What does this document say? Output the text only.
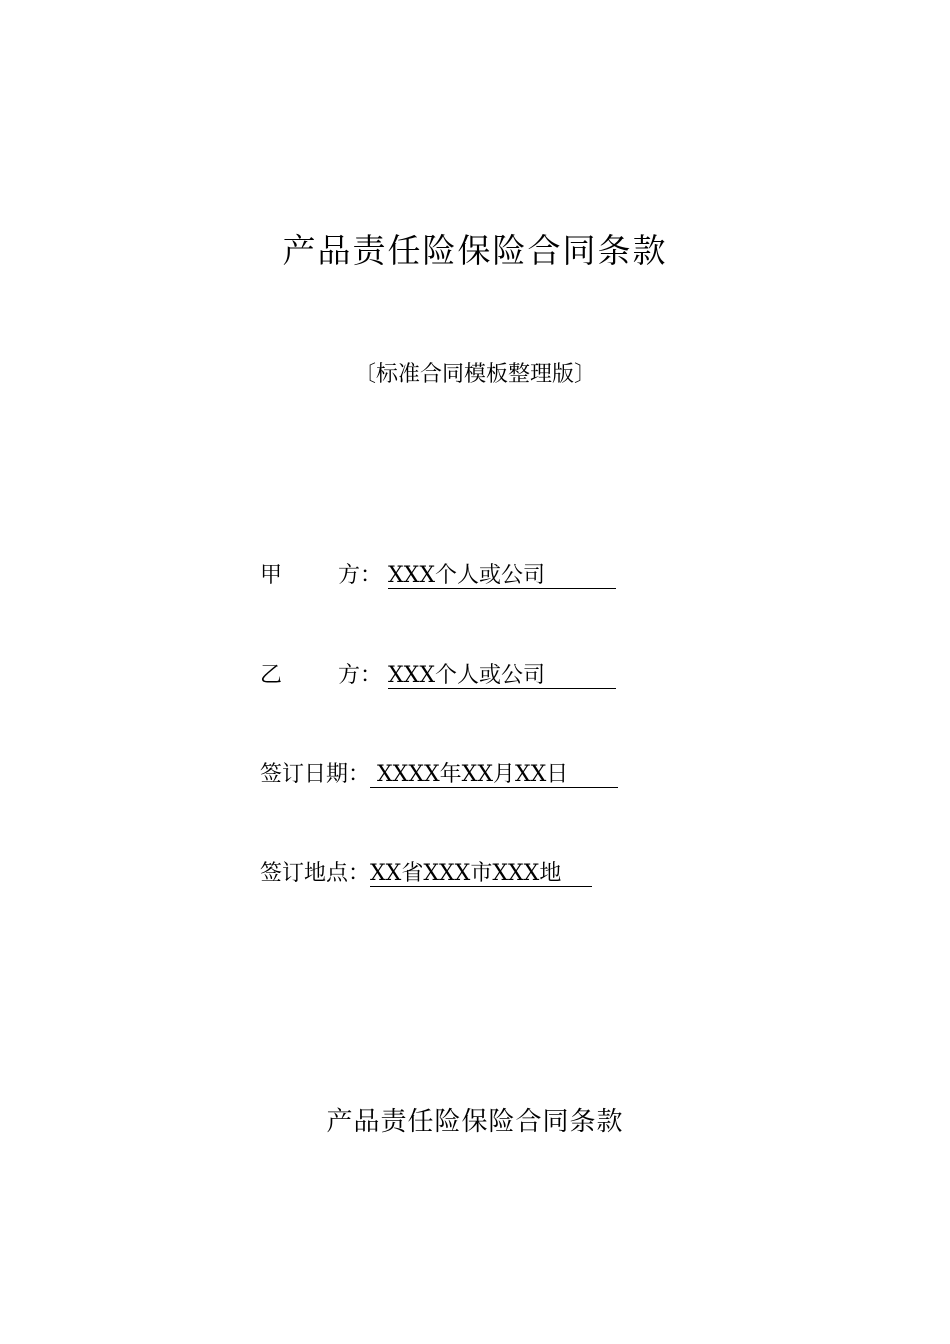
产品责任险保险合同条款
〔标准合同模板整理版〕
甲	方： XXX个人或公司
乙	方： XXX个人或公司
签订日期： XXXX年XX月XX日
签订地点：XX省XXX市XXX地
产品责任险保险合同条款
